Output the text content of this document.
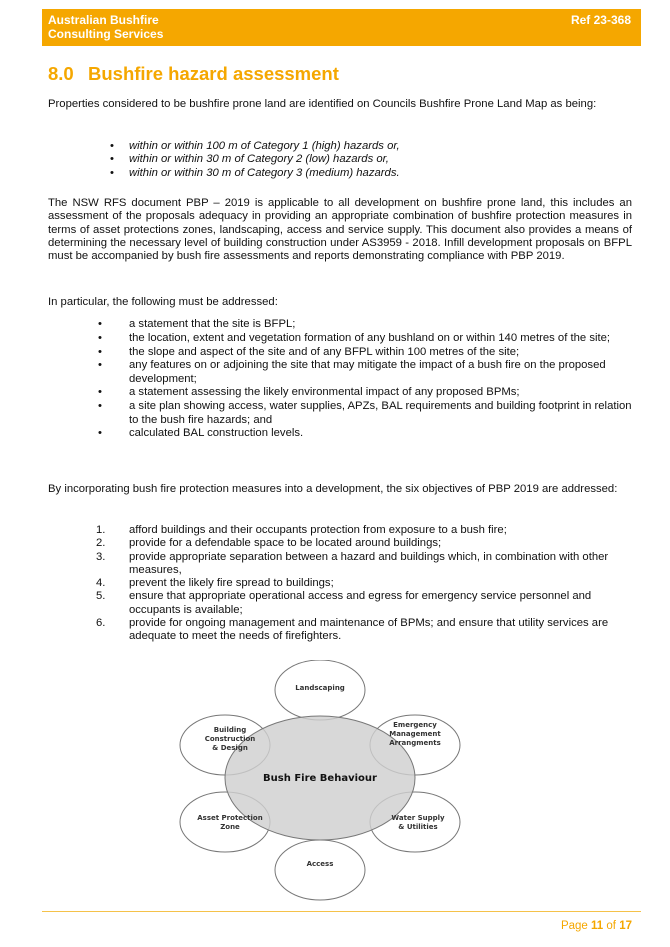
Australian Bushfire
Consulting Services
Ref 23-368
8.0 Bushfire hazard assessment

Properties considered to be bushfire prone land are identified on Councils Bushfire Prone Land Map as being:

• within or within 100 m of Category 1 (high) hazards or,
• within or within 30 m of Category 2 (low) hazards or,
• within or within 30 m of Category 3 (medium) hazards.

The NSW RFS document PBP – 2019 is applicable to all development on bushfire prone land, this includes an assessment of the proposals adequacy in providing an appropriate combination of bushfire protection measures in terms of asset protections zones, landscaping, access and service supply. This document also provides a means of determining the necessary level of building construction under AS3959 - 2018. Infill development proposals on BFPL must be accompanied by bush fire assessments and reports demonstrating compliance with PBP 2019.

In particular, the following must be addressed:

• a statement that the site is BFPL;
• the location, extent and vegetation formation of any bushland on or within 140 metres of the site;
• the slope and aspect of the site and of any BFPL within 100 metres of the site;
• any features on or adjoining the site that may mitigate the impact of a bush fire on the proposed development;
• a statement assessing the likely environmental impact of any proposed BPMs;
• a site plan showing access, water supplies, APZs, BAL requirements and building footprint in relation to the bush fire hazards; and
• calculated BAL construction levels.

By incorporating bush fire protection measures into a development, the six objectives of PBP 2019 are addressed:

1. afford buildings and their occupants protection from exposure to a bush fire;
2. provide for a defendable space to be located around buildings;
3. provide appropriate separation between a hazard and buildings which, in combination with other measures,
4. prevent the likely fire spread to buildings;
5. ensure that appropriate operational access and egress for emergency service personnel and occupants is available;
6. provide for ongoing management and maintenance of BPMs; and ensure that utility services are adequate to meet the needs of firefighters.
Landscaping
Building
Construction
& Design
Emergency
Management
Arrangments
Asset Protection
Zone
Water Supply
& Utilities
Access
Bush Fire Behaviour
Page 11 of 17
